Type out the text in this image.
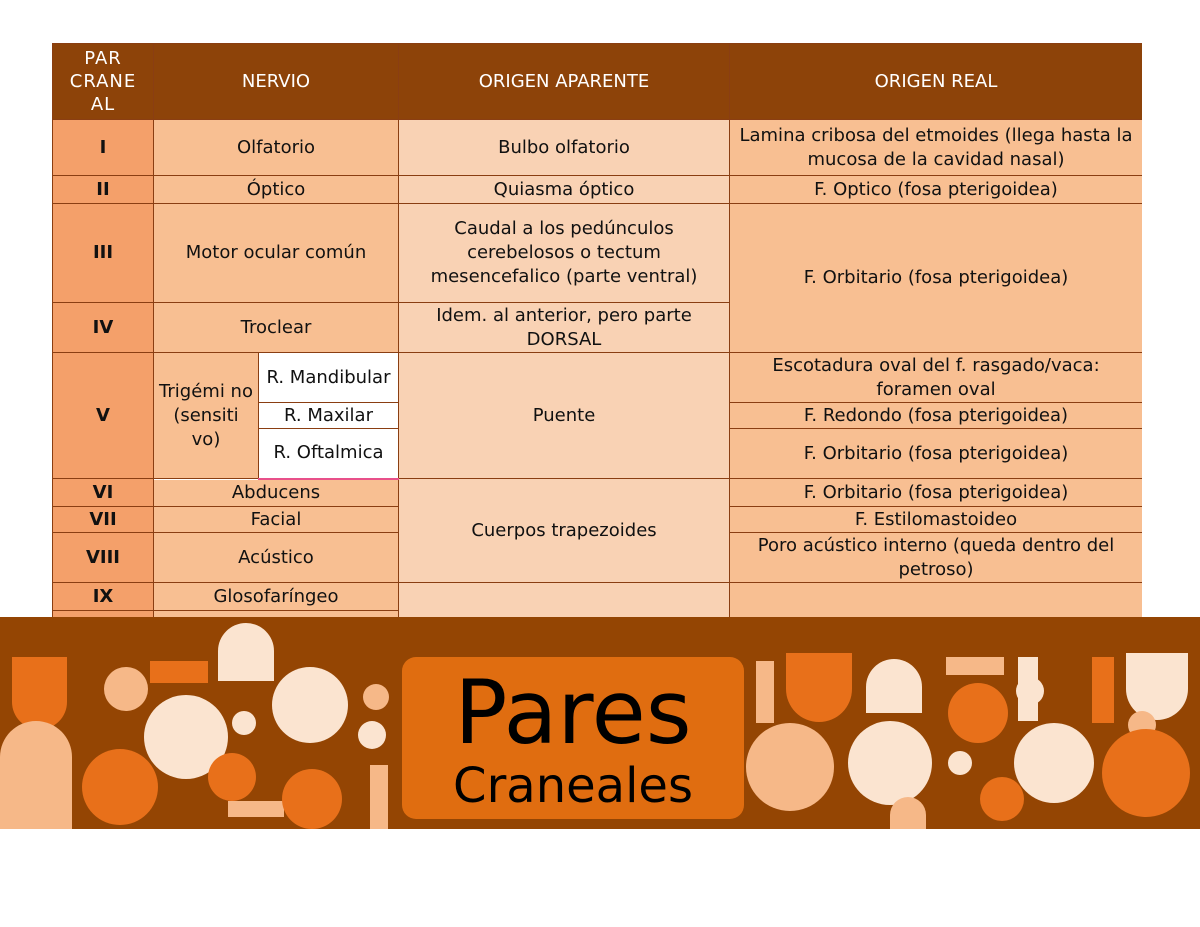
PAR CRANE AL	NERVIO		ORIGEN APARENTE	ORIGEN REAL
I	Olfatorio		Bulbo olfatorio	Lamina cribosa del etmoides (llega hasta la mucosa de la cavidad nasal)
II	Óptico		Quiasma óptico	F. Optico (fosa pterigoidea)
III	Motor ocular común		Caudal a los pedúnculos cerebelosos o tectum mesencefalico (parte ventral)	F. Orbitario (fosa pterigoidea)
IV	Troclear		Idem. al anterior, pero parte DORSAL	
V	Trigémi no (sensiti vo)	R. Mandibular	Puente	Escotadura oval del f. rasgado/vaca: foramen oval
		R. Maxilar		F. Redondo (fosa pterigoidea)
		R. Oftalmica		F. Orbitario (fosa pterigoidea)
VI	Abducens		Cuerpos trapezoides	F. Orbitario (fosa pterigoidea)
VII	Facial			F. Estilomastoideo
VIII	Acústico			Poro acústico interno (queda dentro del petroso)
IX	Glosofaríngeo			

Pares
Craneales
